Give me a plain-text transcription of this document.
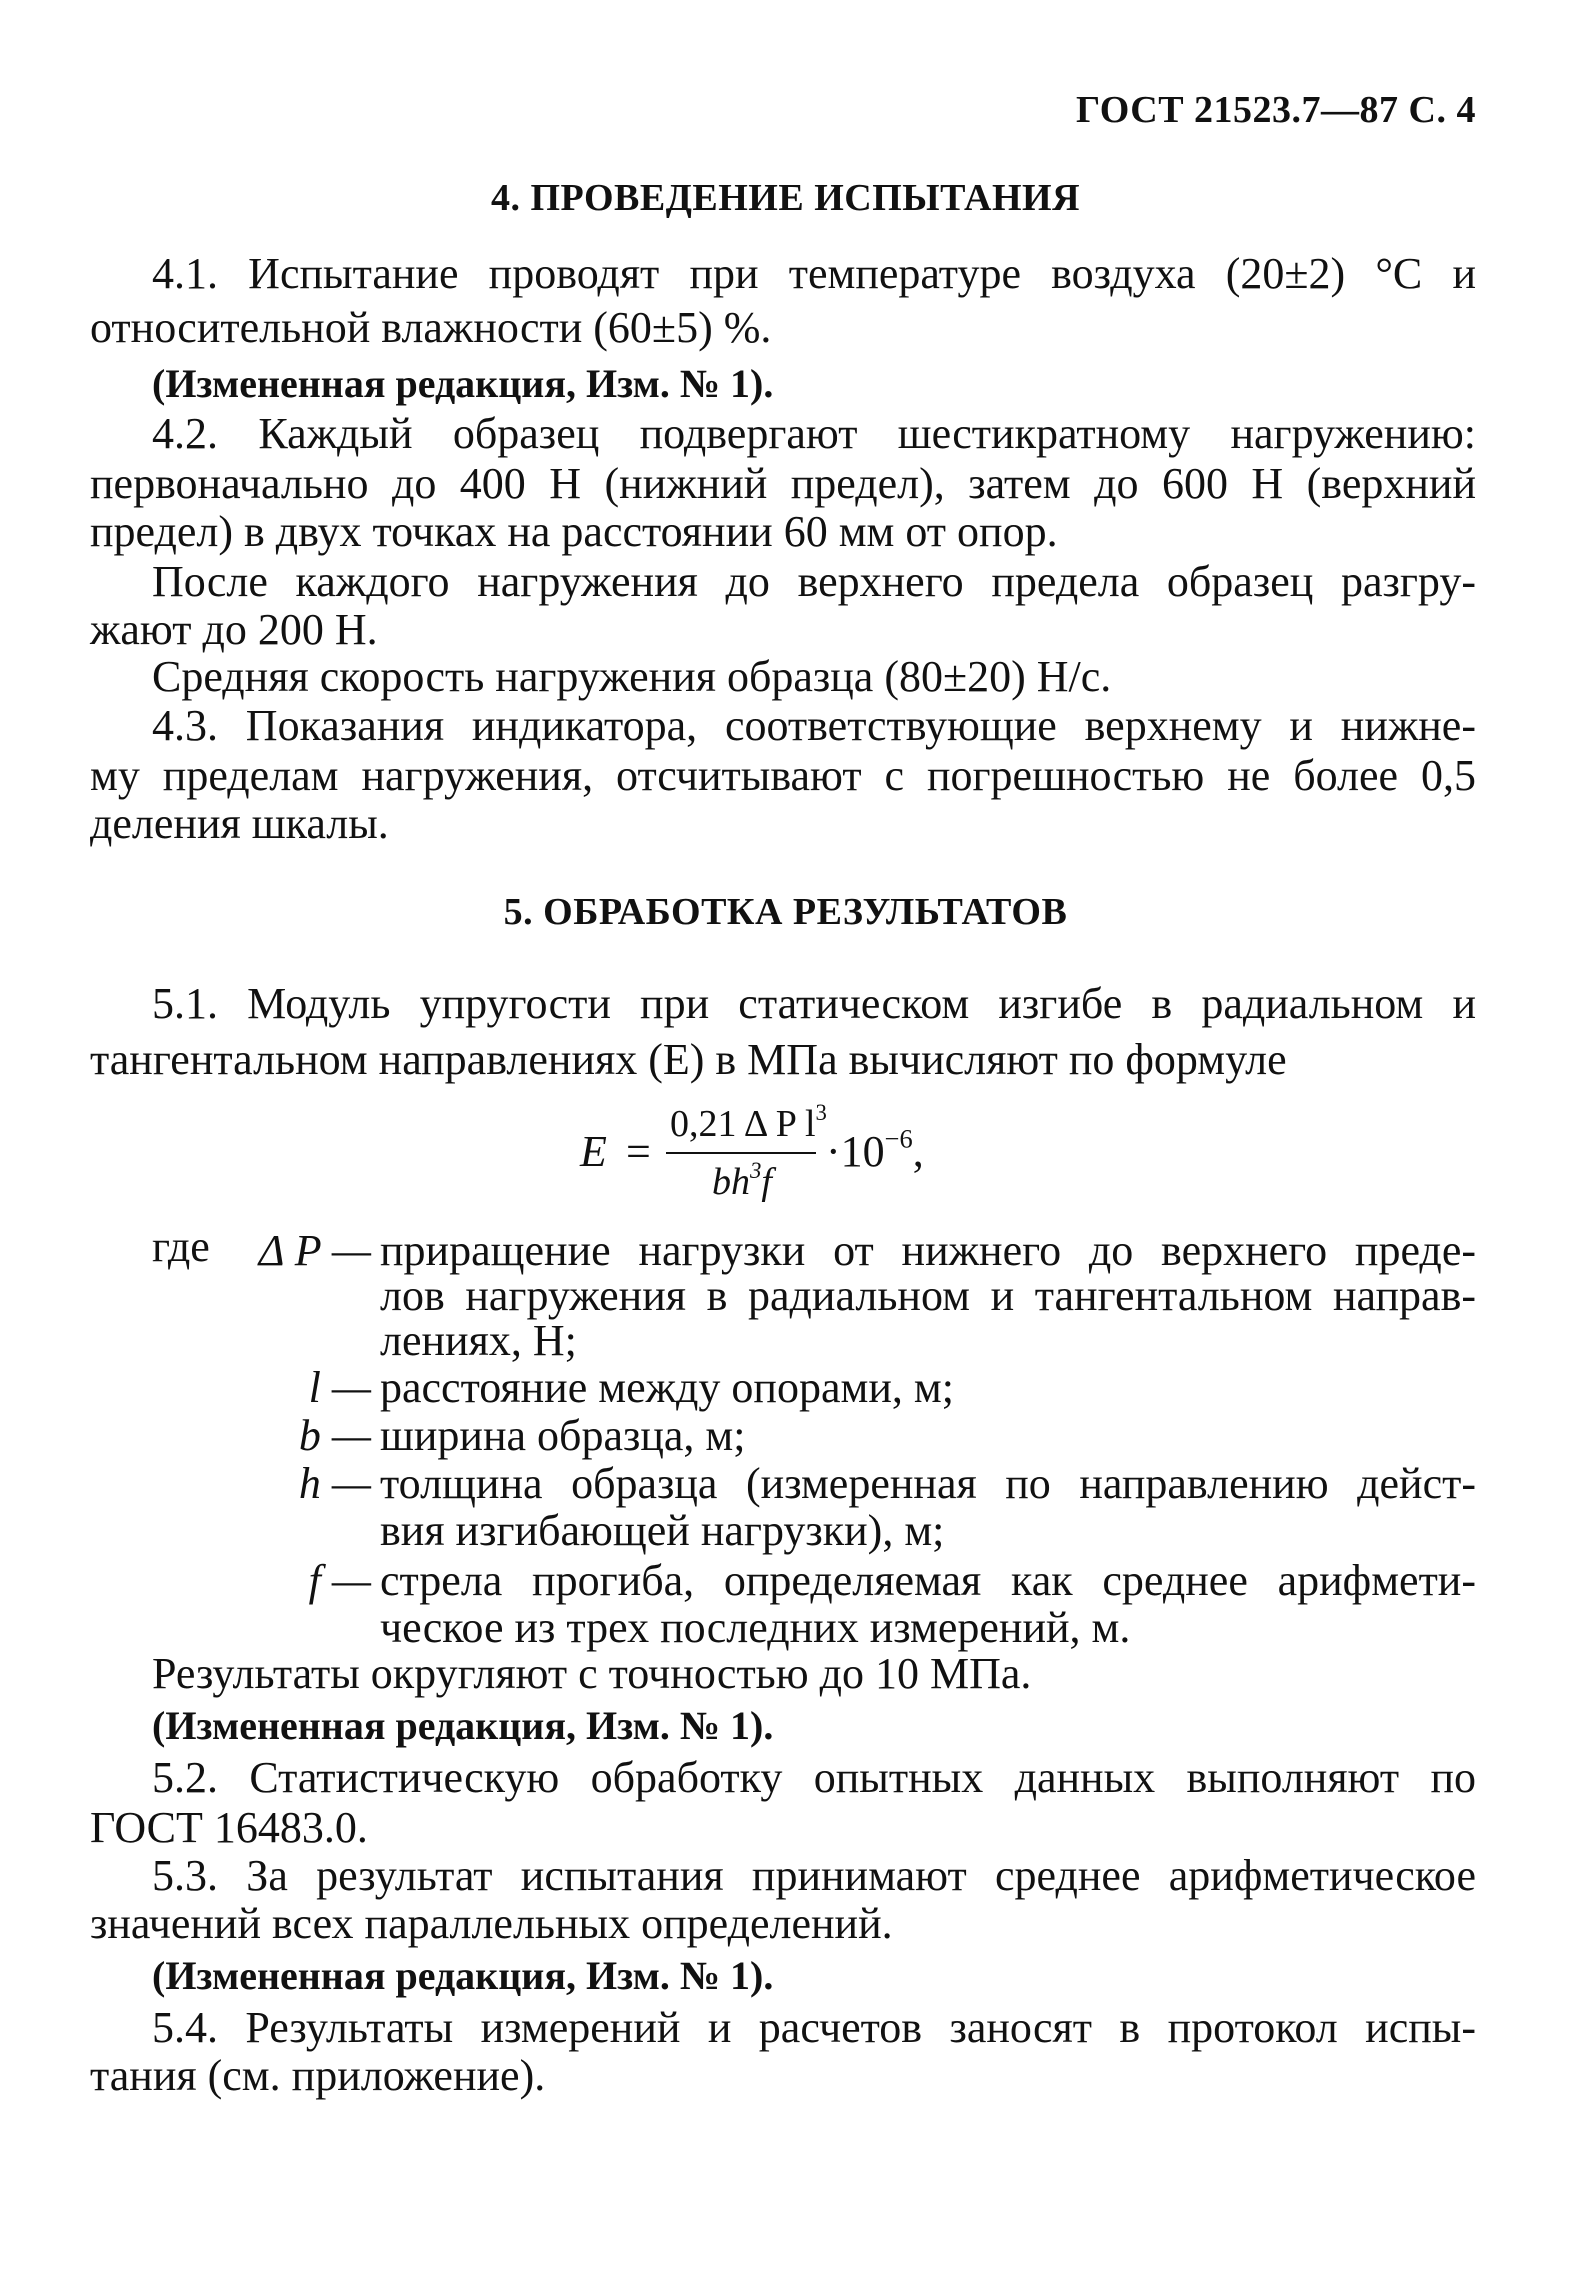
ГОСТ 21523.7—87 С. 4
4. ПРОВЕДЕНИЕ ИСПЫТАНИЯ
4.1. Испытание проводят при температуре воздуха (20±2) °С и
относительной влажности (60±5) %.
(Измененная редакция, Изм. № 1).
4.2. Каждый образец подвергают шестикратному нагружению:
первоначально до 400 Н (нижний предел), затем до 600 Н (верхний
предел) в двух точках на расстоянии 60 мм от опор.
После каждого нагружения до верхнего предела образец разгру-
жают до 200 Н.
Средняя скорость нагружения образца (80±20) Н/с.
4.3. Показания индикатора, соответствующие верхнему и нижне-
му пределам нагружения, отсчитывают с погрешностью не более 0,5
деления шкалы.
5. ОБРАБОТКА РЕЗУЛЬТАТОВ
5.1. Модуль упругости при статическом изгибе в радиальном и
тангентальном направлениях (Е) в МПа вычисляют по формуле
E =
0,21 Δ P $l^3$
$bh^3f$
$\cdot 10^{-6}$,
где Δ P — приращение нагрузки от нижнего до верхнего преде-
лов нагружения в радиальном и тангентальном направ-
лениях, Н;
l — расстояние между опорами, м;
b — ширина образца, м;
h — толщина образца (измеренная по направлению дейст-
вия изгибающей нагрузки), м;
f — стрела прогиба, определяемая как среднее арифмети-
ческое из трех последних измерений, м.
Результаты округляют с точностью до 10 МПа.
(Измененная редакция, Изм. № 1).
5.2. Статистическую обработку опытных данных выполняют по
ГОСТ 16483.0.
5.3. За результат испытания принимают среднее арифметическое
значений всех параллельных определений.
(Измененная редакция, Изм. № 1).
5.4. Результаты измерений и расчетов заносят в протокол испы-
тания (см. приложение).
